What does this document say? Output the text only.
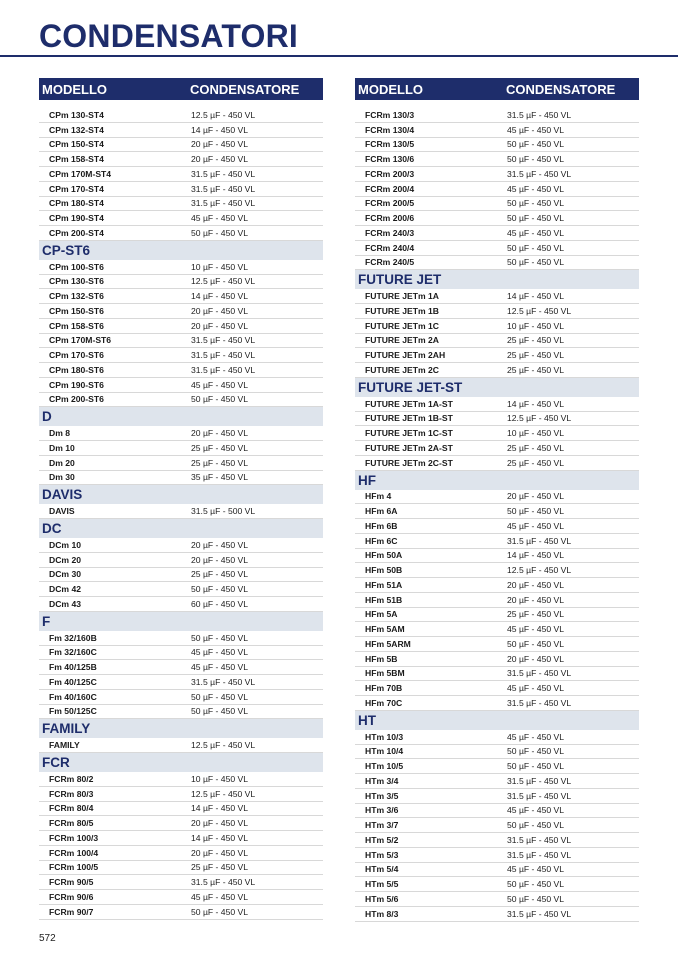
CONDENSATORI
MODELLO	CONDENSATORE
CPm 130-ST4	12.5 µF - 450 VL
CPm 132-ST4	14 µF - 450 VL
CPm 150-ST4	20 µF - 450 VL
CPm 158-ST4	20 µF - 450 VL
CPm 170M-ST4	31.5 µF - 450 VL
CPm 170-ST4	31.5 µF - 450 VL
CPm 180-ST4	31.5 µF - 450 VL
CPm 190-ST4	45 µF - 450 VL
CPm 200-ST4	50 µF - 450 VL
CP-ST6
CPm 100-ST6	10 µF - 450 VL
CPm 130-ST6	12.5 µF - 450 VL
CPm 132-ST6	14 µF - 450 VL
CPm 150-ST6	20 µF - 450 VL
CPm 158-ST6	20 µF - 450 VL
CPm 170M-ST6	31.5 µF - 450 VL
CPm 170-ST6	31.5 µF - 450 VL
CPm 180-ST6	31.5 µF - 450 VL
CPm 190-ST6	45 µF - 450 VL
CPm 200-ST6	50 µF - 450 VL
D
Dm 8	20 µF - 450 VL
Dm 10	25 µF - 450 VL
Dm 20	25 µF - 450 VL
Dm 30	35 µF - 450 VL
DAVIS
DAVIS	31.5 µF - 500 VL
DC
DCm 10	20 µF - 450 VL
DCm 20	20 µF - 450 VL
DCm 30	25 µF - 450 VL
DCm 42	50 µF - 450 VL
DCm 43	60 µF - 450 VL
F
Fm 32/160B	50 µF - 450 VL
Fm 32/160C	45 µF - 450 VL
Fm 40/125B	45 µF - 450 VL
Fm 40/125C	31.5 µF - 450 VL
Fm 40/160C	50 µF - 450 VL
Fm 50/125C	50 µF - 450 VL
FAMILY
FAMILY	12.5 µF - 450 VL
FCR
FCRm 80/2	10 µF - 450 VL
FCRm 80/3	12.5 µF - 450 VL
FCRm 80/4	14 µF - 450 VL
FCRm 80/5	20 µF - 450 VL
FCRm 100/3	14 µF - 450 VL
FCRm 100/4	20 µF - 450 VL
FCRm 100/5	25 µF - 450 VL
FCRm 90/5	31.5 µF - 450 VL
FCRm 90/6	45 µF - 450 VL
FCRm 90/7	50 µF - 450 VL
MODELLO	CONDENSATORE
FCRm 130/3	31.5 µF - 450 VL
FCRm 130/4	45 µF - 450 VL
FCRm 130/5	50 µF - 450 VL
FCRm 130/6	50 µF - 450 VL
FCRm 200/3	31.5 µF - 450 VL
FCRm 200/4	45 µF - 450 VL
FCRm 200/5	50 µF - 450 VL
FCRm 200/6	50 µF - 450 VL
FCRm 240/3	45 µF - 450 VL
FCRm 240/4	50 µF - 450 VL
FCRm 240/5	50 µF - 450 VL
FUTURE JET
FUTURE JETm 1A	14 µF - 450 VL
FUTURE JETm 1B	12.5 µF - 450 VL
FUTURE JETm 1C	10 µF - 450 VL
FUTURE JETm 2A	25 µF - 450 VL
FUTURE JETm 2AH	25 µF - 450 VL
FUTURE JETm 2C	25 µF - 450 VL
FUTURE JET-ST
FUTURE JETm 1A-ST	14 µF - 450 VL
FUTURE JETm 1B-ST	12.5 µF - 450 VL
FUTURE JETm 1C-ST	10 µF - 450 VL
FUTURE JETm 2A-ST	25 µF - 450 VL
FUTURE JETm 2C-ST	25 µF - 450 VL
HF
HFm 4	20 µF - 450 VL
HFm 6A	50 µF - 450 VL
HFm 6B	45 µF - 450 VL
HFm 6C	31.5 µF - 450 VL
HFm 50A	14 µF - 450 VL
HFm 50B	12.5 µF - 450 VL
HFm 51A	20 µF - 450 VL
HFm 51B	20 µF - 450 VL
HFm 5A	25 µF - 450 VL
HFm 5AM	45 µF - 450 VL
HFm 5ARM	50 µF - 450 VL
HFm 5B	20 µF - 450 VL
HFm 5BM	31.5 µF - 450 VL
HFm 70B	45 µF - 450 VL
HFm 70C	31.5 µF - 450 VL
HT
HTm 10/3	45 µF - 450 VL
HTm 10/4	50 µF - 450 VL
HTm 10/5	50 µF - 450 VL
HTm 3/4	31.5 µF - 450 VL
HTm 3/5	31.5 µF - 450 VL
HTm 3/6	45 µF - 450 VL
HTm 3/7	50 µF - 450 VL
HTm 5/2	31.5 µF - 450 VL
HTm 5/3	31.5 µF - 450 VL
HTm 5/4	45 µF - 450 VL
HTm 5/5	50 µF - 450 VL
HTm 5/6	50 µF - 450 VL
HTm 8/3	31.5 µF - 450 VL
572
